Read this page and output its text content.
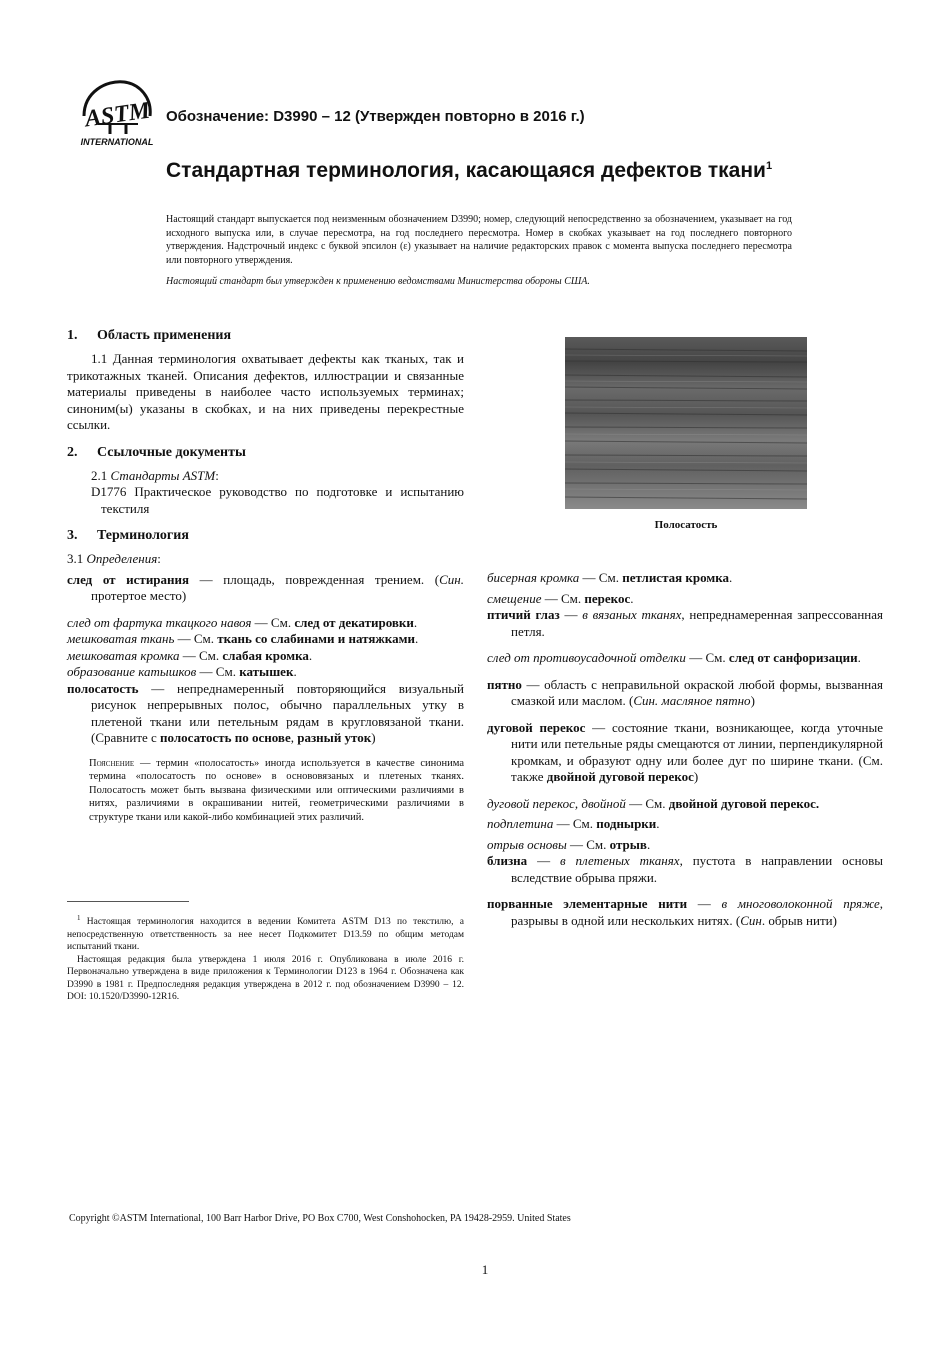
ASTM
INTERNATIONAL
Обозначение: D3990 – 12 (Утвержден повторно в 2016 г.)
Стандартная терминология, касающаяся дефектов ткани$^1$

Настоящий стандарт выпускается под неизменным обозначением D3990; номер, следующий непосредственно за обозначением, указывает на год исходного выпуска или, в случае пересмотра, на год последнего пересмотра. Номер в скобках указывает на год последнего повторного утверждения. Надстрочный индекс с буквой эпсилон (ε) указывает на наличие редакторских правок с момента выпуска последнего пересмотра или повторного утверждения.

Настоящий стандарт был утвержден к применению ведомствами Министерства обороны США.

1. Область применения

1.1 Данная терминология охватывает дефекты как тканых, так и трикотажных тканей. Описания дефектов, иллюстрации и связанные материалы приведены в наиболее часто используемых терминах; синоним(ы) указаны в скобках, и на них приведены перекрестные ссылки.

2. Ссылочные документы

2.1 Стандарты ASTM:

D1776 Практическое руководство по подготовке и испытанию текстиля

3. Терминология

3.1 Определения:

след от истирания — площадь, поврежденная трением. (Син. протертое место)

след от фартука ткацкого навоя — См. след от декатировки.

мешковатая ткань — См. ткань со слабинами и натяжками.

мешковатая кромка — См. слабая кромка.

образование катышков — См. катышек.

полосатость — непреднамеренный повторяющийся визуальный рисунок непрерывных полос, обычно параллельных утку в плетеной ткани или петельным рядам в кругловязаной ткани. (Сравните с полосатость по основе, разный уток)

Пояснение — термин «полосатость» иногда используется в качестве синонима термина «полосатость по основе» в основовязаных и плетеных тканях. Полосатость может быть вызвана физическими или оптическими различиями в нитях, различиями в окрашивании нитей, геометрическими различиями в структуре ткани или какой-либо комбинацией этих различий.

$^1$ Настоящая терминология находится в ведении Комитета ASTM D13 по текстилю, а непосредственную ответственность за нее несет Подкомитет D13.59 по общим методам испытаний ткани.

Настоящая редакция была утверждена 1 июля 2016 г. Опубликована в июле 2016 г. Первоначально утверждена в виде приложения к Терминологии D123 в 1964 г. Обозначена как D3990 в 1981 г. Предпоследняя редакция утверждена в 2012 г. под обозначением D3990 – 12. DOI: 10.1520/D3990-12R16.

Полосатость

бисерная кромка — См. петлистая кромка.

смещение — См. перекос.

птичий глаз — в вязаных тканях, непреднамеренная запрессованная петля.

след от противоусадочной отделки — См. след от санфоризации.

пятно — область с неправильной окраской любой формы, вызванная смазкой или маслом. (Син. масляное пятно)

дуговой перекос — состояние ткани, возникающее, когда уточные нити или петельные ряды смещаются от линии, перпендикулярной кромкам, и образуют одну или более дуг по ширине ткани. (См. также двойной дуговой перекос)

дуговой перекос, двойной — См. двойной дуговой перекос.

подплетина — См. поднырки.

отрыв основы — См. отрыв.

близна — в плетеных тканях, пустота в направлении основы вследствие обрыва пряжи.

порванные элементарные нити — в многоволоконной пряже, разрывы в одной или нескольких нитях. (Син. обрыв нити)

Copyright ©ASTM International, 100 Barr Harbor Drive, PO Box C700, West Conshohocken, PA 19428-2959. United States
1
